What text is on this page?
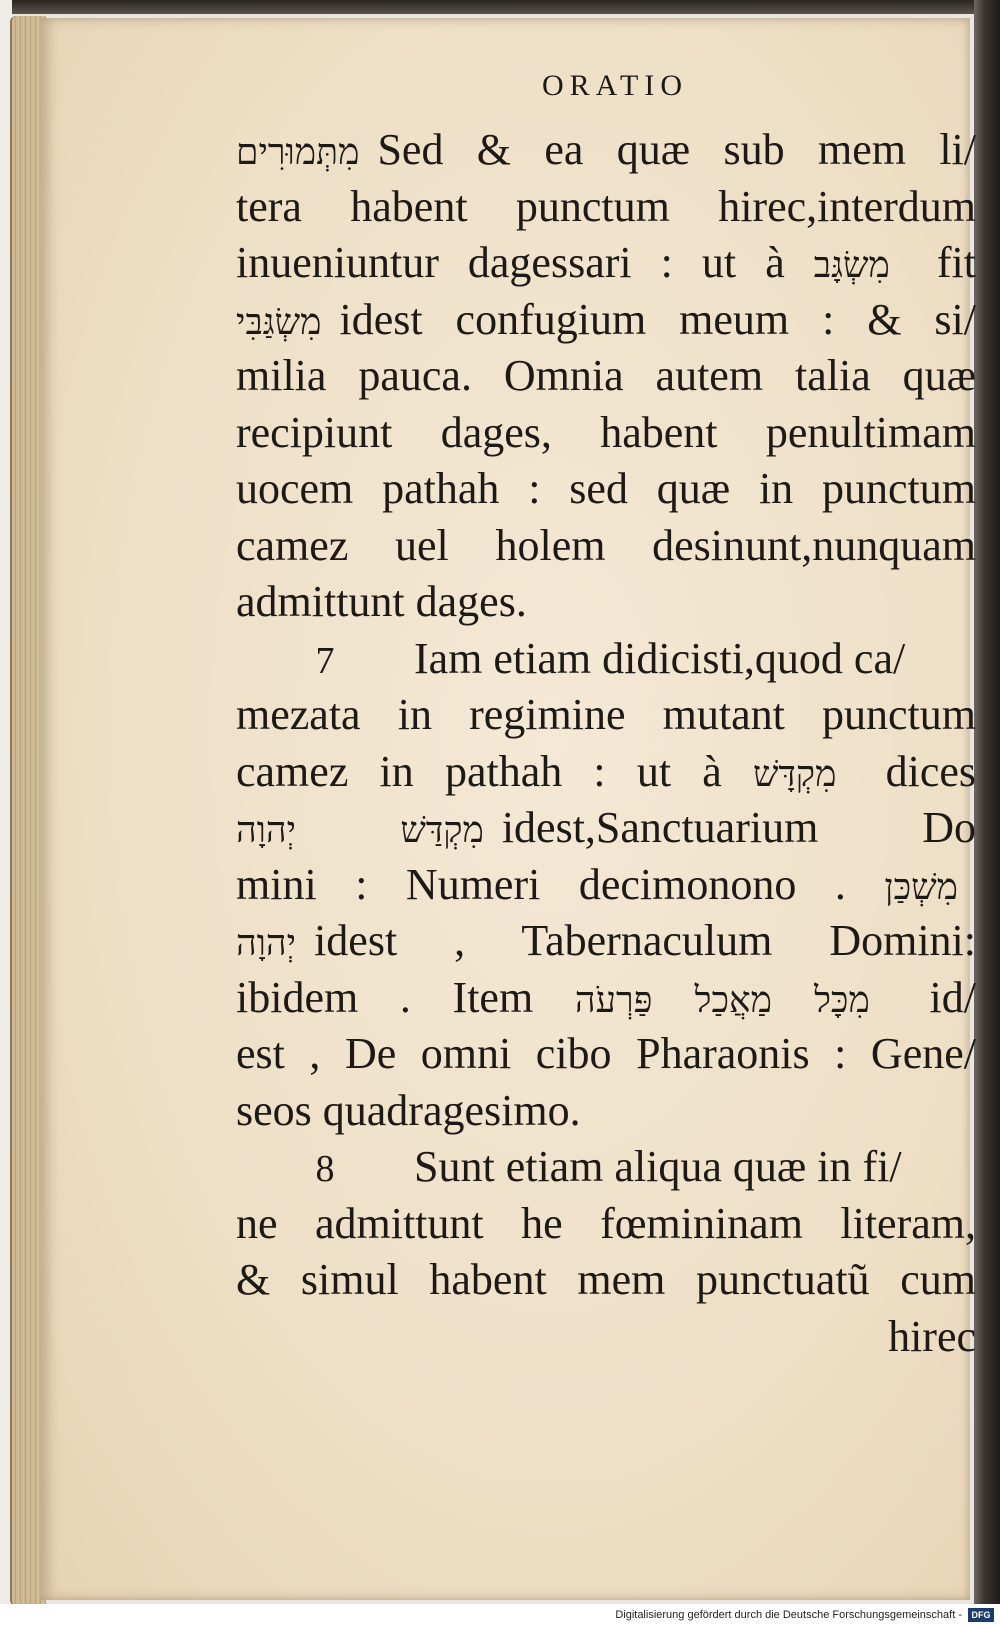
ORATIO
מִתְּמוּרִים Sed & ea quæ sub mem li/
tera habent punctum hirec,interdum
inueniuntur dagessari : ut à מִשְׂגָּב fit
מִשְׂגַּבִּי idest confugium meum : & si/
milia pauca. Omnia autem talia quæ
recipiunt dages, habent penultimam
uocem pathah : sed quæ in punctum
camez uel holem desinunt,nunquam
admittunt dages.
7 Iam etiam didicisti,quod ca/
mezata in regimine mutant punctum
camez in pathah : ut à מִקְדָּשׁ dices
מִקְדַּשׁ יְהוָה idest,Sanctuarium Do
mini : Numeri decimonono . מִשְׁכַּן
יְהוָה idest , Tabernaculum Domini:
ibidem . Item מִכָּל מַאֲכַל פַּרְעֹה id/
est , De omni cibo Pharaonis : Gene/
seos quadragesimo.
8 Sunt etiam aliqua quæ in fi/
ne admittunt he fœmininam literam,
& simul habent mem punctuatũ cum
hirec
Digitalisierung gefördert durch die Deutsche Forschungsgemeinschaft -	DFG
